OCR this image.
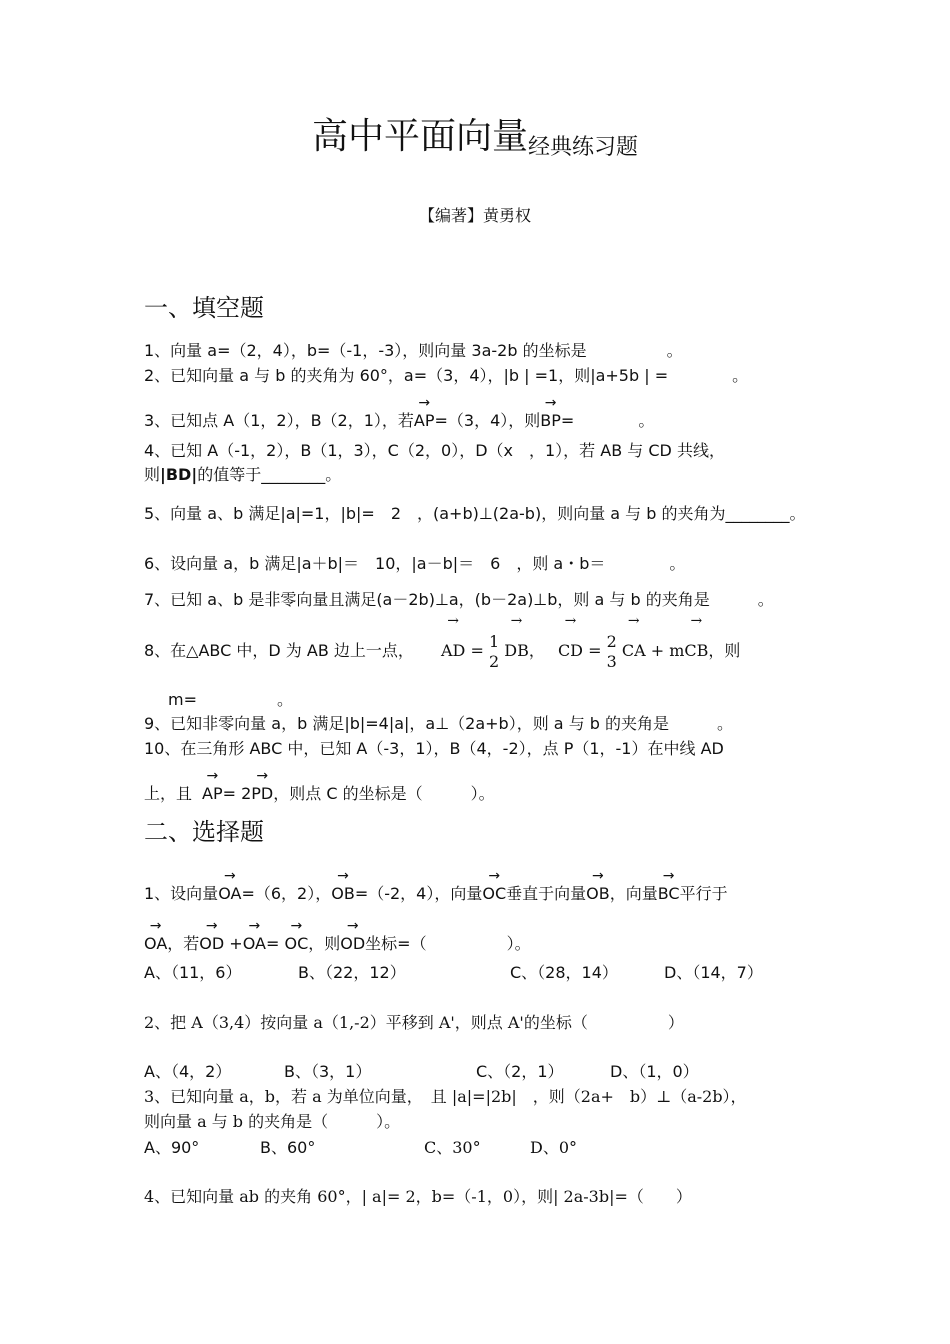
高中平面向量经典练习题
【编著】黄勇权
一、填空题
1、向量 a=（2，4），b=（-1，-3），则向量 3a-2b 的坐标是　　　　　。
2、已知向量 a 与 b 的夹角为 60°，a=（3，4），|b | =1，则|a+5b | =　　　　。
3、已知点 A（1，2），B（2，1），若→ AP=（3，4），则→ BP=　　　　。
4、已知 A（-1，2），B（1，3），C（2，0），D（x　，1），若 AB 与 CD 共线，
则|BD|的值等于________。
5、向量 a、b 满足|a|=1，|b|=　2　，(a+b)⊥(2a-b)，则向量 a 与 b 的夹角为________。
6、设向量 a，b 满足|a＋b|＝　10，|a－b|＝　6　，则 a・b＝　　　　。
7、已知 a、b 是非零向量且满足(a－2b)⊥a，(b－2a)⊥b，则 a 与 b 的夹角是　　　。
8、在△ABC 中，D 为 AB 边上一点， → AD = 1
2
→ DB， → CD = 2
3
→ CA + m→ CB，则
m=　　　　　。
9、已知非零向量 a，b 满足|b|=4|a|，a⊥（2a+b），则 a 与 b 的夹角是　　　。
10、在三角形 ABC 中，已知 A（-3，1），B（4，-2），点 P（1，-1）在中线 AD
上，且 → AP= 2→ PD，则点 C 的坐标是（　　　）。
二、选择题
1、设向量→ OA=（6，2），→ OB=（-2，4），向量→ OC垂直于向量→ OB，向量→ BC平行于
→ OA，若→ OD +→ OA= → OC，则→ OD坐标=（　　　　　）。
A、（11，6）	B、（22，12）	C、（28，14）	D、（14，7）
2、把 A（3,4）按向量 a（1,-2）平移到 A'，则点 A'的坐标（　　　　　）
A、（4，2）	B、（3，1）	C、（2，1）	D、（1，0）
3、已知向量 a，b，若 a 为单位向量，　且 |a|=|2b|　，则（2a+　b）⊥（a-2b），
则向量 a 与 b 的夹角是（　　　）。
A、90°	B、60°	C、30°	D、0°
4、已知向量 ab 的夹角 60°，| a|= 2，b=（-1，0），则| 2a-3b|=（　　）
